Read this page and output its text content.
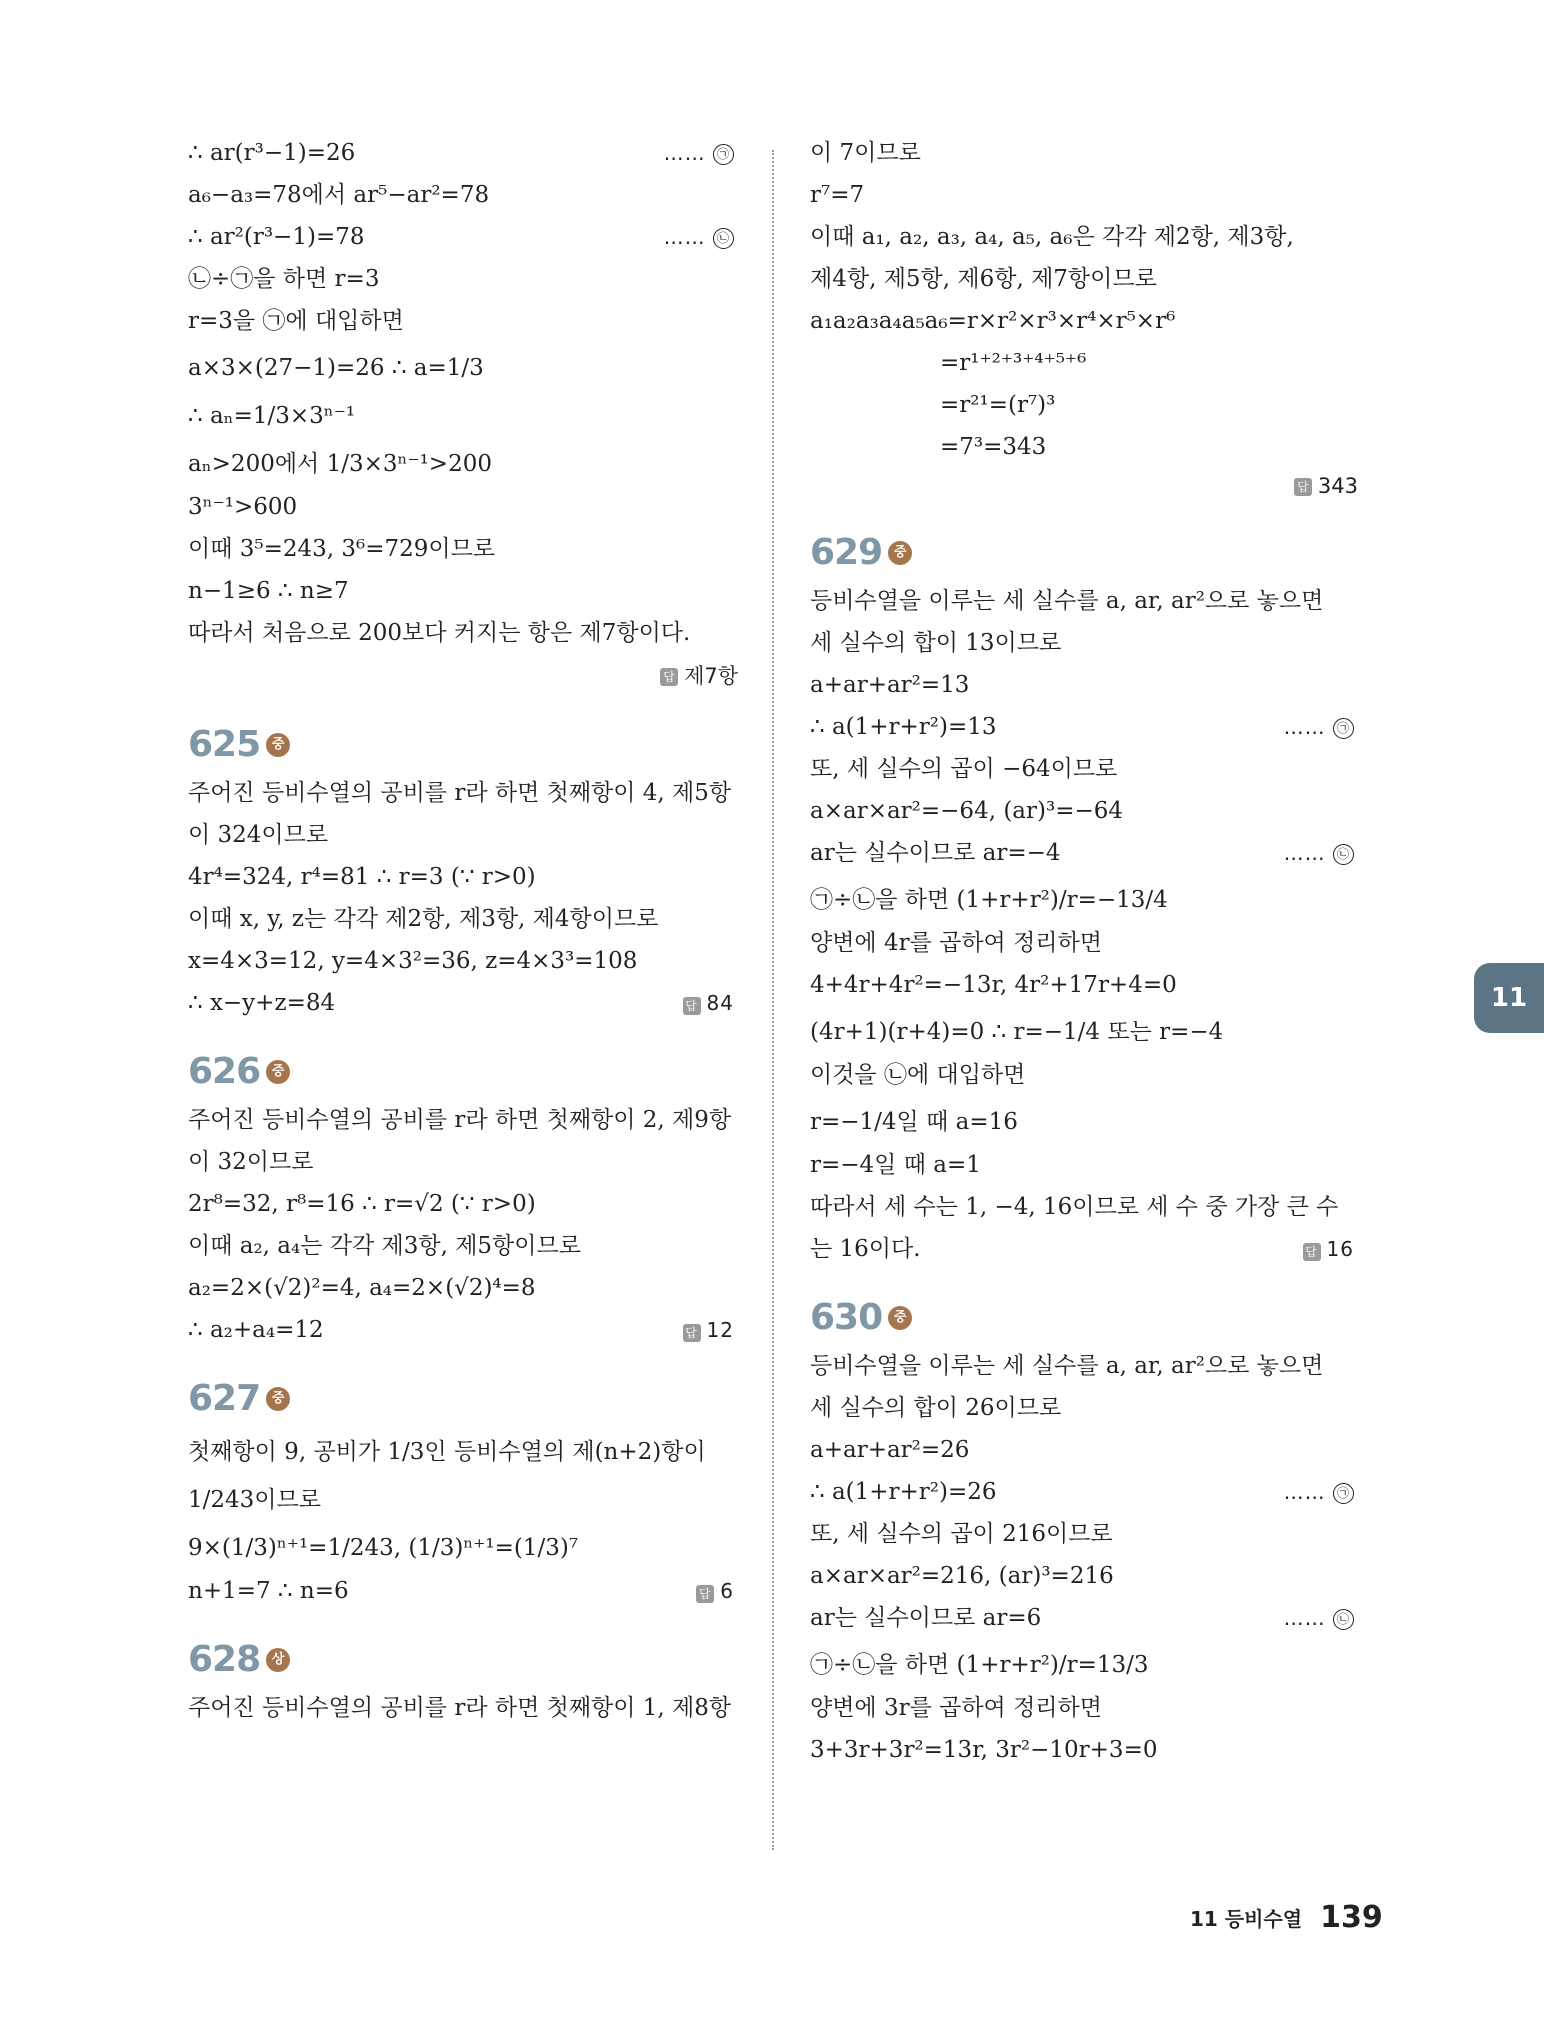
∴ ar(r³−1)=26	…… ㉠
a₆−a₃=78에서 ar⁵−ar²=78
∴ ar²(r³−1)=78	…… ㉡
㉡÷㉠을 하면 r=3
r=3을 ㉠에 대입하면
a×3×(27−1)=26 ∴ a=1/3
∴ aₙ=1/3×3ⁿ⁻¹
aₙ>200에서 1/3×3ⁿ⁻¹>200
3ⁿ⁻¹>600
이때 3⁵=243, 3⁶=729이므로
n−1≥6 ∴ n≥7
따라서 처음으로 200보다 커지는 항은 제7항이다.
답 제7항
625 중
주어진 등비수열의 공비를 r라 하면 첫째항이 4, 제5항
이 324이므로
4r⁴=324, r⁴=81 ∴ r=3 (∵ r>0)
이때 x, y, z는 각각 제2항, 제3항, 제4항이므로
x=4×3=12, y=4×3²=36, z=4×3³=108
∴ x−y+z=84	답 84
626 중
주어진 등비수열의 공비를 r라 하면 첫째항이 2, 제9항
이 32이므로
2r⁸=32, r⁸=16 ∴ r=√2 (∵ r>0)
이때 a₂, a₄는 각각 제3항, 제5항이므로
a₂=2×(√2)²=4, a₄=2×(√2)⁴=8
∴ a₂+a₄=12	답 12
627 중
첫째항이 9, 공비가 1/3인 등비수열의 제(n+2)항이
1/243이므로
9×(1/3)ⁿ⁺¹=1/243, (1/3)ⁿ⁺¹=(1/3)⁷
n+1=7 ∴ n=6	답 6
628 상
주어진 등비수열의 공비를 r라 하면 첫째항이 1, 제8항
이 7이므로
r⁷=7
이때 a₁, a₂, a₃, a₄, a₅, a₆은 각각 제2항, 제3항,
제4항, 제5항, 제6항, 제7항이므로
a₁a₂a₃a₄a₅a₆=r×r²×r³×r⁴×r⁵×r⁶
=r¹⁺²⁺³⁺⁴⁺⁵⁺⁶
=r²¹=(r⁷)³
=7³=343
답 343
629 중
등비수열을 이루는 세 실수를 a, ar, ar²으로 놓으면
세 실수의 합이 13이므로
a+ar+ar²=13
∴ a(1+r+r²)=13	…… ㉠
또, 세 실수의 곱이 −64이므로
a×ar×ar²=−64, (ar)³=−64
ar는 실수이므로 ar=−4	…… ㉡
㉠÷㉡을 하면 (1+r+r²)/r=−13/4
양변에 4r를 곱하여 정리하면
4+4r+4r²=−13r, 4r²+17r+4=0
(4r+1)(r+4)=0 ∴ r=−1/4 또는 r=−4
이것을 ㉡에 대입하면
r=−1/4일 때 a=16
r=−4일 때 a=1
따라서 세 수는 1, −4, 16이므로 세 수 중 가장 큰 수
는 16이다.	답 16
630 중
등비수열을 이루는 세 실수를 a, ar, ar²으로 놓으면
세 실수의 합이 26이므로
a+ar+ar²=26
∴ a(1+r+r²)=26	…… ㉠
또, 세 실수의 곱이 216이므로
a×ar×ar²=216, (ar)³=216
ar는 실수이므로 ar=6	…… ㉡
㉠÷㉡을 하면 (1+r+r²)/r=13/3
양변에 3r를 곱하여 정리하면
3+3r+3r²=13r, 3r²−10r+3=0
11
11 등비수열 139
